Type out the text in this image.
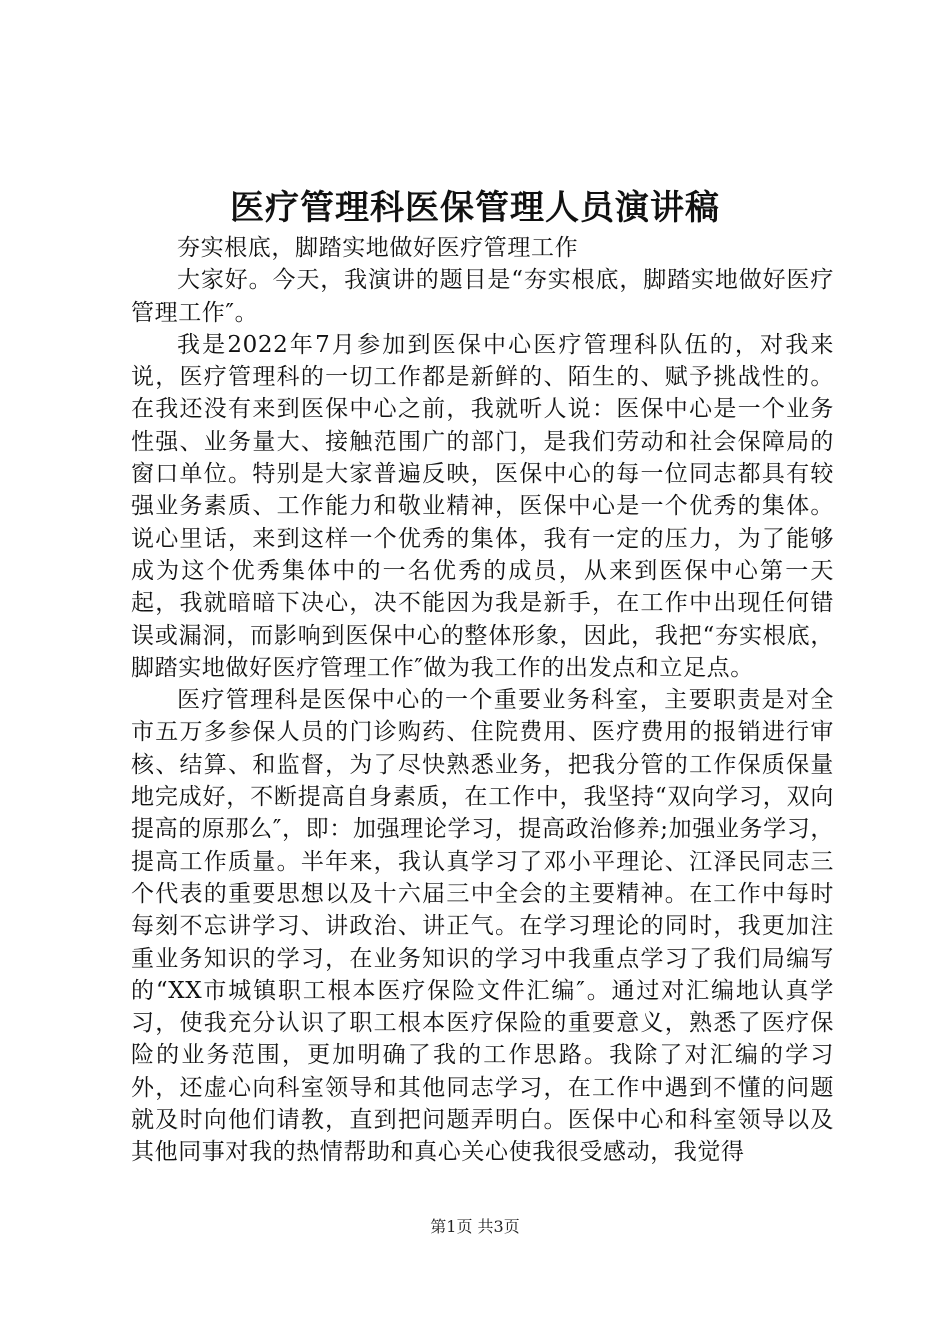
医疗管理科医保管理人员演讲稿

夯实根底，脚踏实地做好医疗管理工作

大家好。今天，我演讲的题目是“夯实根底，脚踏实地做好医疗管理工作″。

我是2022年7月参加到医保中心医疗管理科队伍的，对我来说，医疗管理科的一切工作都是新鲜的、陌生的、赋予挑战性的。在我还没有来到医保中心之前，我就听人说：医保中心是一个业务性强、业务量大、接触范围广的部门，是我们劳动和社会保障局的窗口单位。特别是大家普遍反映，医保中心的每一位同志都具有较强业务素质、工作能力和敬业精神，医保中心是一个优秀的集体。说心里话，来到这样一个优秀的集体，我有一定的压力，为了能够成为这个优秀集体中的一名优秀的成员，从来到医保中心第一天起，我就暗暗下决心，决不能因为我是新手，在工作中出现任何错误或漏洞，而影响到医保中心的整体形象，因此，我把“夯实根底，脚踏实地做好医疗管理工作″做为我工作的出发点和立足点。

医疗管理科是医保中心的一个重要业务科室，主要职责是对全市五万多参保人员的门诊购药、住院费用、医疗费用的报销进行审核、结算、和监督，为了尽快熟悉业务，把我分管的工作保质保量地完成好，不断提高自身素质，在工作中，我坚持“双向学习，双向提高的原那么″，即：加强理论学习，提高政治修养;加强业务学习，提高工作质量。半年来，我认真学习了邓小平理论、江泽民同志三个代表的重要思想以及十六届三中全会的主要精神。在工作中每时每刻不忘讲学习、讲政治、讲正气。在学习理论的同时，我更加注重业务知识的学习，在业务知识的学习中我重点学习了我们局编写的“XX市城镇职工根本医疗保险文件汇编″。通过对汇编地认真学习，使我充分认识了职工根本医疗保险的重要意义，熟悉了医疗保险的业务范围，更加明确了我的工作思路。我除了对汇编的学习外，还虚心向科室领导和其他同志学习，在工作中遇到不懂的问题就及时向他们请教，直到把问题弄明白。医保中心和科室领导以及其他同事对我的热情帮助和真心关心使我很受感动，我觉得

第1页 共3页
